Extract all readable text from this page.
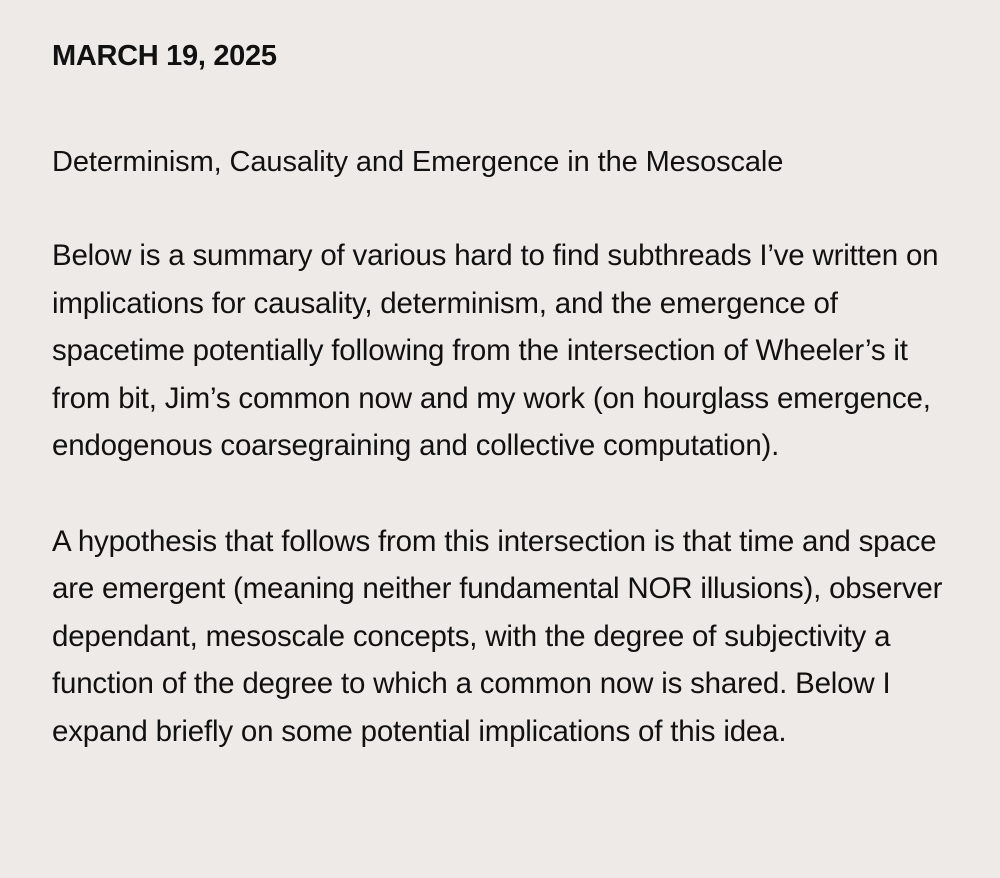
MARCH 19, 2025
Determinism, Causality and Emergence in the Mesoscale

Below is a summary of various hard to find subthreads I’ve written on implications for causality, determinism, and the emergence of spacetime potentially following from the intersection of Wheeler’s it from bit, Jim’s common now and my work (on hourglass emergence, endogenous coarsegraining and collective computation).

A hypothesis that follows from this intersection is that time and space are emergent (meaning neither fundamental NOR illusions), observer dependant, mesoscale concepts, with the degree of subjectivity a function of the degree to which a common now is shared. Below I expand briefly on some potential implications of this idea.
